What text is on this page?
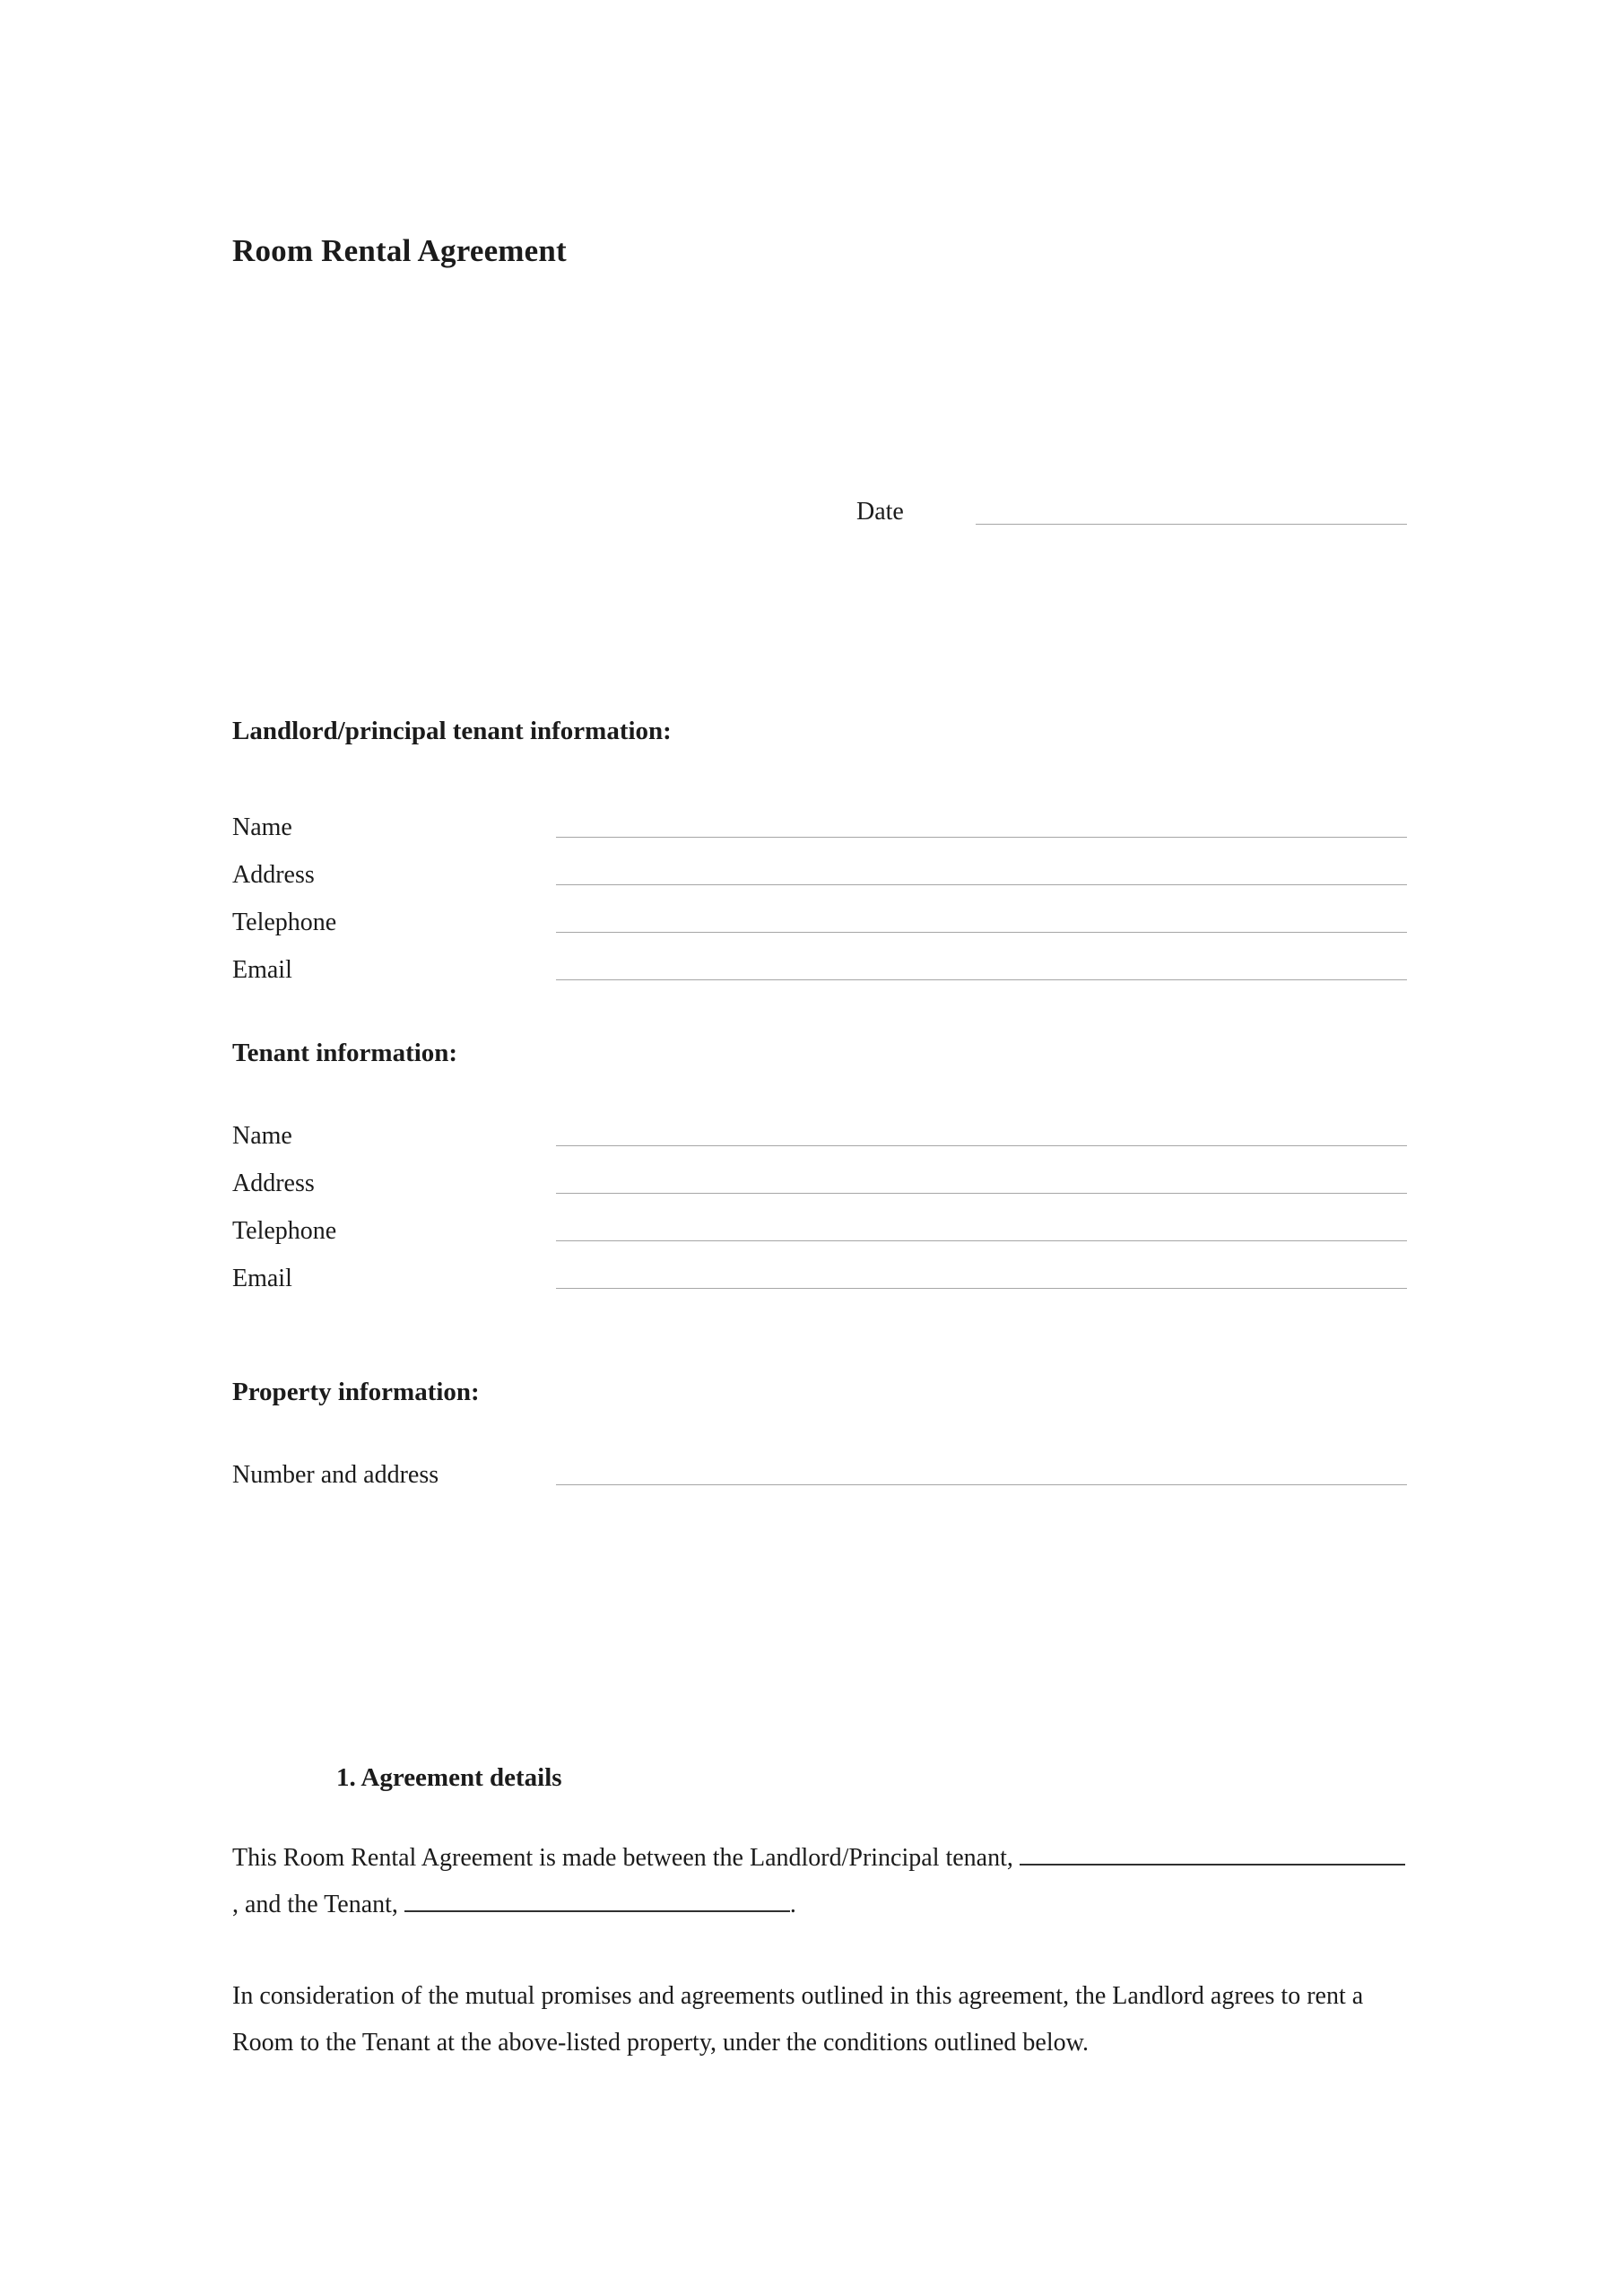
Room Rental Agreement
Date
Landlord/principal tenant information:
Name
Address
Telephone
Email
Tenant information:
Name
Address
Telephone
Email
Property information:
Number and address
1. Agreement details

This Room Rental Agreement is made between the Landlord/Principal tenant, , and the Tenant,	.

In consideration of the mutual promises and agreements outlined in this agreement, the Landlord agrees to rent a Room to the Tenant at the above-listed property, under the conditions outlined below.
